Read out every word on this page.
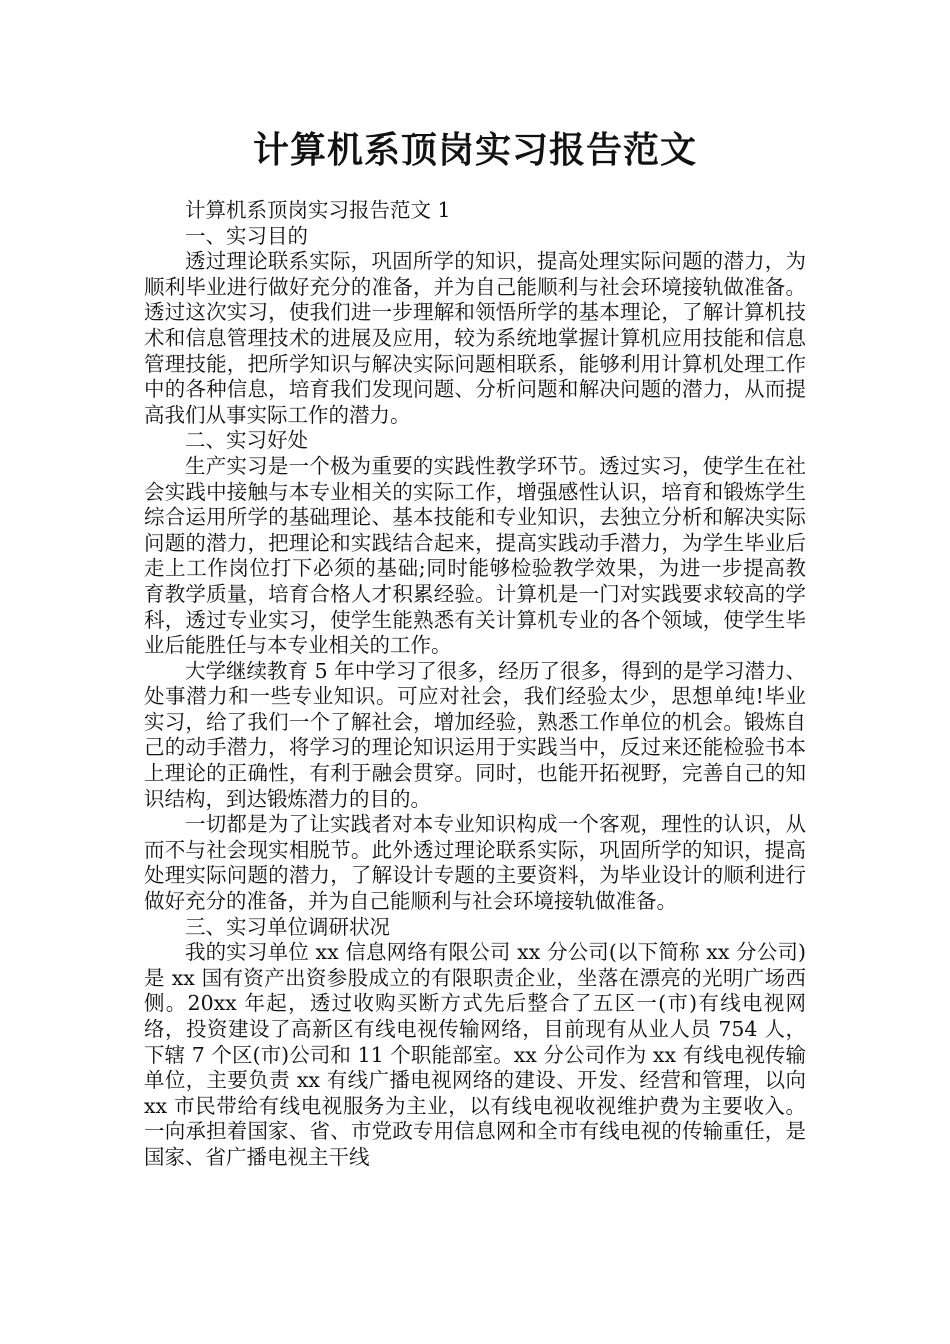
计算机系顶岗实习报告范文

计算机系顶岗实习报告范文 1

一、实习目的

透过理论联系实际，巩固所学的知识，提高处理实际问题的潜力，为顺利毕业进行做好充分的准备，并为自己能顺利与社会环境接轨做准备。透过这次实习，使我们进一步理解和领悟所学的基本理论，了解计算机技术和信息管理技术的进展及应用，较为系统地掌握计算机应用技能和信息管理技能，把所学知识与解决实际问题相联系，能够利用计算机处理工作中的各种信息，培育我们发现问题、分析问题和解决问题的潜力，从而提高我们从事实际工作的潜力。

二、实习好处

生产实习是一个极为重要的实践性教学环节。透过实习，使学生在社会实践中接触与本专业相关的实际工作，增强感性认识，培育和锻炼学生综合运用所学的基础理论、基本技能和专业知识，去独立分析和解决实际问题的潜力，把理论和实践结合起来，提高实践动手潜力，为学生毕业后走上工作岗位打下必须的基础;同时能够检验教学效果，为进一步提高教育教学质量，培育合格人才积累经验。计算机是一门对实践要求较高的学科，透过专业实习，使学生能熟悉有关计算机专业的各个领域，使学生毕业后能胜任与本专业相关的工作。

大学继续教育 5 年中学习了很多，经历了很多，得到的是学习潜力、处事潜力和一些专业知识。可应对社会，我们经验太少，思想单纯!毕业实习，给了我们一个了解社会，增加经验，熟悉工作单位的机会。锻炼自己的动手潜力，将学习的理论知识运用于实践当中，反过来还能检验书本上理论的正确性，有利于融会贯穿。同时，也能开拓视野，完善自己的知识结构，到达锻炼潜力的目的。

一切都是为了让实践者对本专业知识构成一个客观，理性的认识，从而不与社会现实相脱节。此外透过理论联系实际，巩固所学的知识，提高处理实际问题的潜力，了解设计专题的主要资料，为毕业设计的顺利进行做好充分的准备，并为自己能顺利与社会环境接轨做准备。

三、实习单位调研状况

我的实习单位 xx 信息网络有限公司 xx 分公司(以下简称 xx 分公司)是 xx 国有资产出资参股成立的有限职责企业，坐落在漂亮的光明广场西侧。20xx 年起，透过收购买断方式先后整合了五区一(市)有线电视网络，投资建设了高新区有线电视传输网络，目前现有从业人员 754 人，下辖 7 个区(市)公司和 11 个职能部室。xx 分公司作为 xx 有线电视传输单位，主要负责 xx 有线广播电视网络的建设、开发、经营和管理，以向 xx 市民带给有线电视服务为主业，以有线电视收视维护费为主要收入。一向承担着国家、省、市党政专用信息网和全市有线电视的传输重任，是国家、省广播电视主干线
